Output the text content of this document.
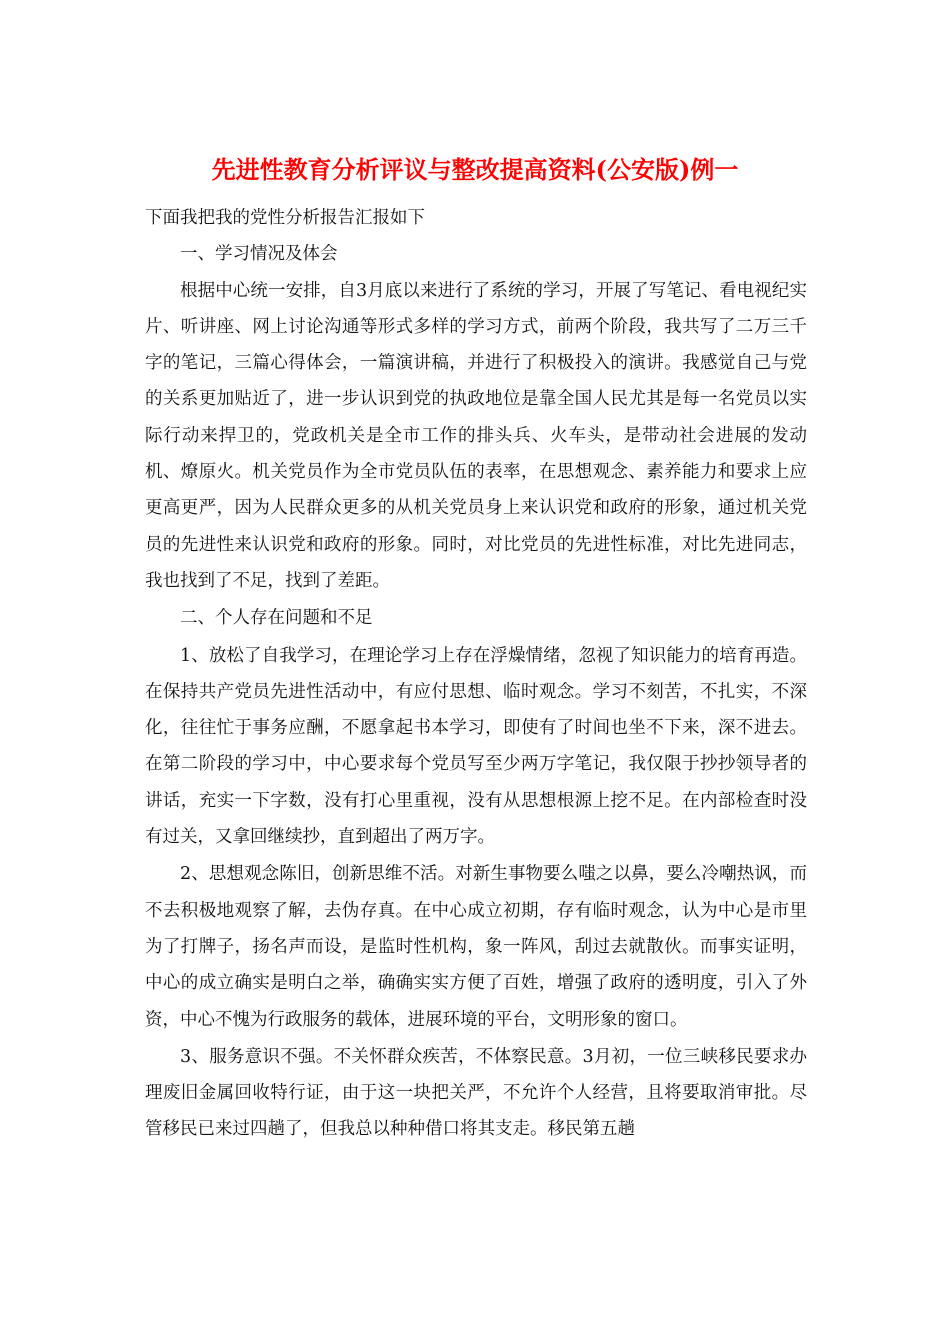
先进性教育分析评议与整改提高资料(公安版)例一

下面我把我的党性分析报告汇报如下

一、学习情况及体会

根据中心统一安排，自3月底以来进行了系统的学习，开展了写笔记、看电视纪实片、听讲座、网上讨论沟通等形式多样的学习方式，前两个阶段，我共写了二万三千字的笔记，三篇心得体会，一篇演讲稿，并进行了积极投入的演讲。我感觉自己与党的关系更加贴近了，进一步认识到党的执政地位是靠全国人民尤其是每一名党员以实际行动来捍卫的，党政机关是全市工作的排头兵、火车头，是带动社会进展的发动机、燎原火。机关党员作为全市党员队伍的表率，在思想观念、素养能力和要求上应更高更严，因为人民群众更多的从机关党员身上来认识党和政府的形象，通过机关党员的先进性来认识党和政府的形象。同时，对比党员的先进性标准，对比先进同志，我也找到了不足，找到了差距。

二、个人存在问题和不足

1、放松了自我学习，在理论学习上存在浮燥情绪，忽视了知识能力的培育再造。在保持共产党员先进性活动中，有应付思想、临时观念。学习不刻苦，不扎实，不深化，往往忙于事务应酬，不愿拿起书本学习，即使有了时间也坐不下来，深不进去。在第二阶段的学习中，中心要求每个党员写至少两万字笔记，我仅限于抄抄领导者的讲话，充实一下字数，没有打心里重视，没有从思想根源上挖不足。在内部检查时没有过关，又拿回继续抄，直到超出了两万字。

2、思想观念陈旧，创新思维不活。对新生事物要么嗤之以鼻，要么冷嘲热讽，而不去积极地观察了解，去伪存真。在中心成立初期，存有临时观念，认为中心是市里为了打牌子，扬名声而设，是监时性机构，象一阵风，刮过去就散伙。而事实证明，中心的成立确实是明白之举，确确实实方便了百姓，增强了政府的透明度，引入了外资，中心不愧为行政服务的载体，进展环境的平台，文明形象的窗口。

3、服务意识不强。不关怀群众疾苦，不体察民意。3月初，一位三峡移民要求办理废旧金属回收特行证，由于这一块把关严，不允许个人经营，且将要取消审批。尽管移民已来过四趟了，但我总以种种借口将其支走。移民第五趟
